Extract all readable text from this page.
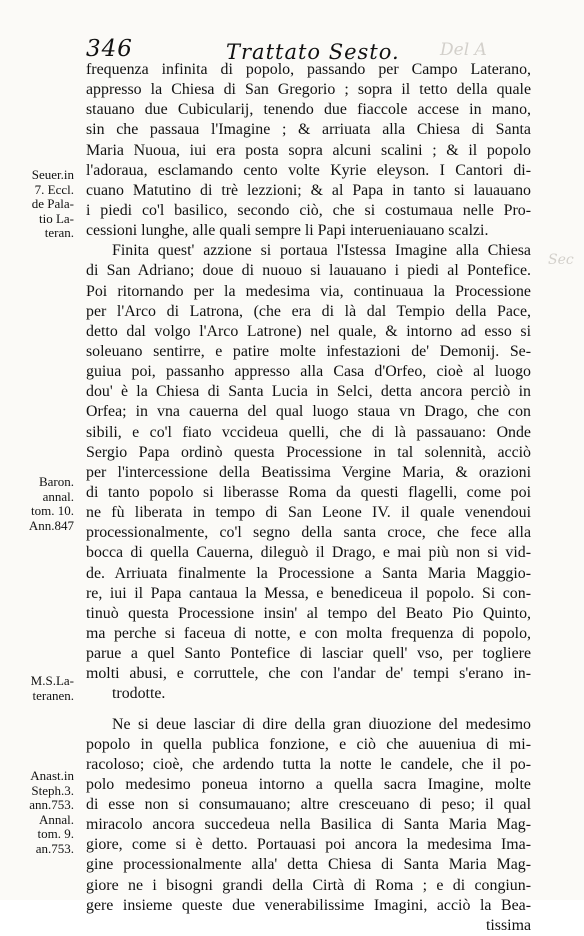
346	Trattato Sesto. Del A
Sec
frequenza infinita di popolo, passando per Campo Laterano,
appresso la Chiesa di San Gregorio ; sopra il tetto della quale
stauano due Cubicularij, tenendo due fiaccole accese in mano,
sin che passaua l'Imagine ; & arriuata alla Chiesa di Santa
Maria Nuoua, iui era posta sopra alcuni scalini ; & il popolo
l'adoraua, esclamando cento volte Kyrie eleyson. I Cantori di-
cuano Matutino di trè lezzioni; & al Papa in tanto si lauauano
i piedi co'l basilico, secondo ciò, che si costumaua nelle Pro-
cessioni lunghe, alle quali sempre li Papi interueniauano scalzi.
Finita quest' azzione si portaua l'Istessa Imagine alla Chiesa
di San Adriano; doue di nuouo si lauauano i piedi al Pontefice.
Poi ritornando per la medesima via, continuaua la Processione
per l'Arco di Latrona, (che era di là dal Tempio della Pace,
detto dal volgo l'Arco Latrone) nel quale, & intorno ad esso si
soleuano sentirre, e patire molte infestazioni de' Demonij. Se-
guiua poi, passanho appresso alla Casa d'Orfeo, cioè al luogo
dou' è la Chiesa di Santa Lucia in Selci, detta ancora perciò in
Orfea; in vna cauerna del qual luogo staua vn Drago, che con
sibili, e co'l fiato vccideua quelli, che di là passauano: Onde
Sergio Papa ordinò questa Processione in tal solennità, acciò
per l'intercessione della Beatissima Vergine Maria, & orazioni
di tanto popolo si liberasse Roma da questi flagelli, come poi
ne fù liberata in tempo di San Leone IV. il quale venendoui
processionalmente, co'l segno della santa croce, che fece alla
bocca di quella Cauerna, dileguò il Drago, e mai più non si vid-
de. Arriuata finalmente la Processione a Santa Maria Maggio-
re, iui il Papa cantaua la Messa, e benediceua il popolo. Si con-
tinuò questa Processione insin' al tempo del Beato Pio Quinto,
ma perche si faceua di notte, e con molta frequenza di popolo,
parue a quel Santo Pontefice di lasciar quell' vso, per togliere
molti abusi, e corruttele, che con l'andar de' tempi s'erano in-
trodotte.
Ne si deue lasciar di dire della gran diuozione del medesimo
popolo in quella publica fonzione, e ciò che auueniua di mi-
racoloso; cioè, che ardendo tutta la notte le candele, che il po-
polo medesimo poneua intorno a quella sacra Imagine, molte
di esse non si consumauano; altre cresceuano di peso; il qual
miracolo ancora succedeua nella Basilica di Santa Maria Mag-
giore, come si è detto. Portauasi poi ancora la medesima Ima-
gine processionalmente alla' detta Chiesa di Santa Maria Mag-
giore ne i bisogni grandi della Cirtà di Roma ; e di congiun-
gere insieme queste due venerabilissime Imagini, acciò la Bea-
tissima
Seuer.in
7. Eccl.
de Pala-
tio La-
teran.
Baron.
annal.
tom. 10.
Ann.847
M.S.La-
teranen.
Anast.in
Steph.3.
ann.753.
Annal.
tom. 9.
an.753.
